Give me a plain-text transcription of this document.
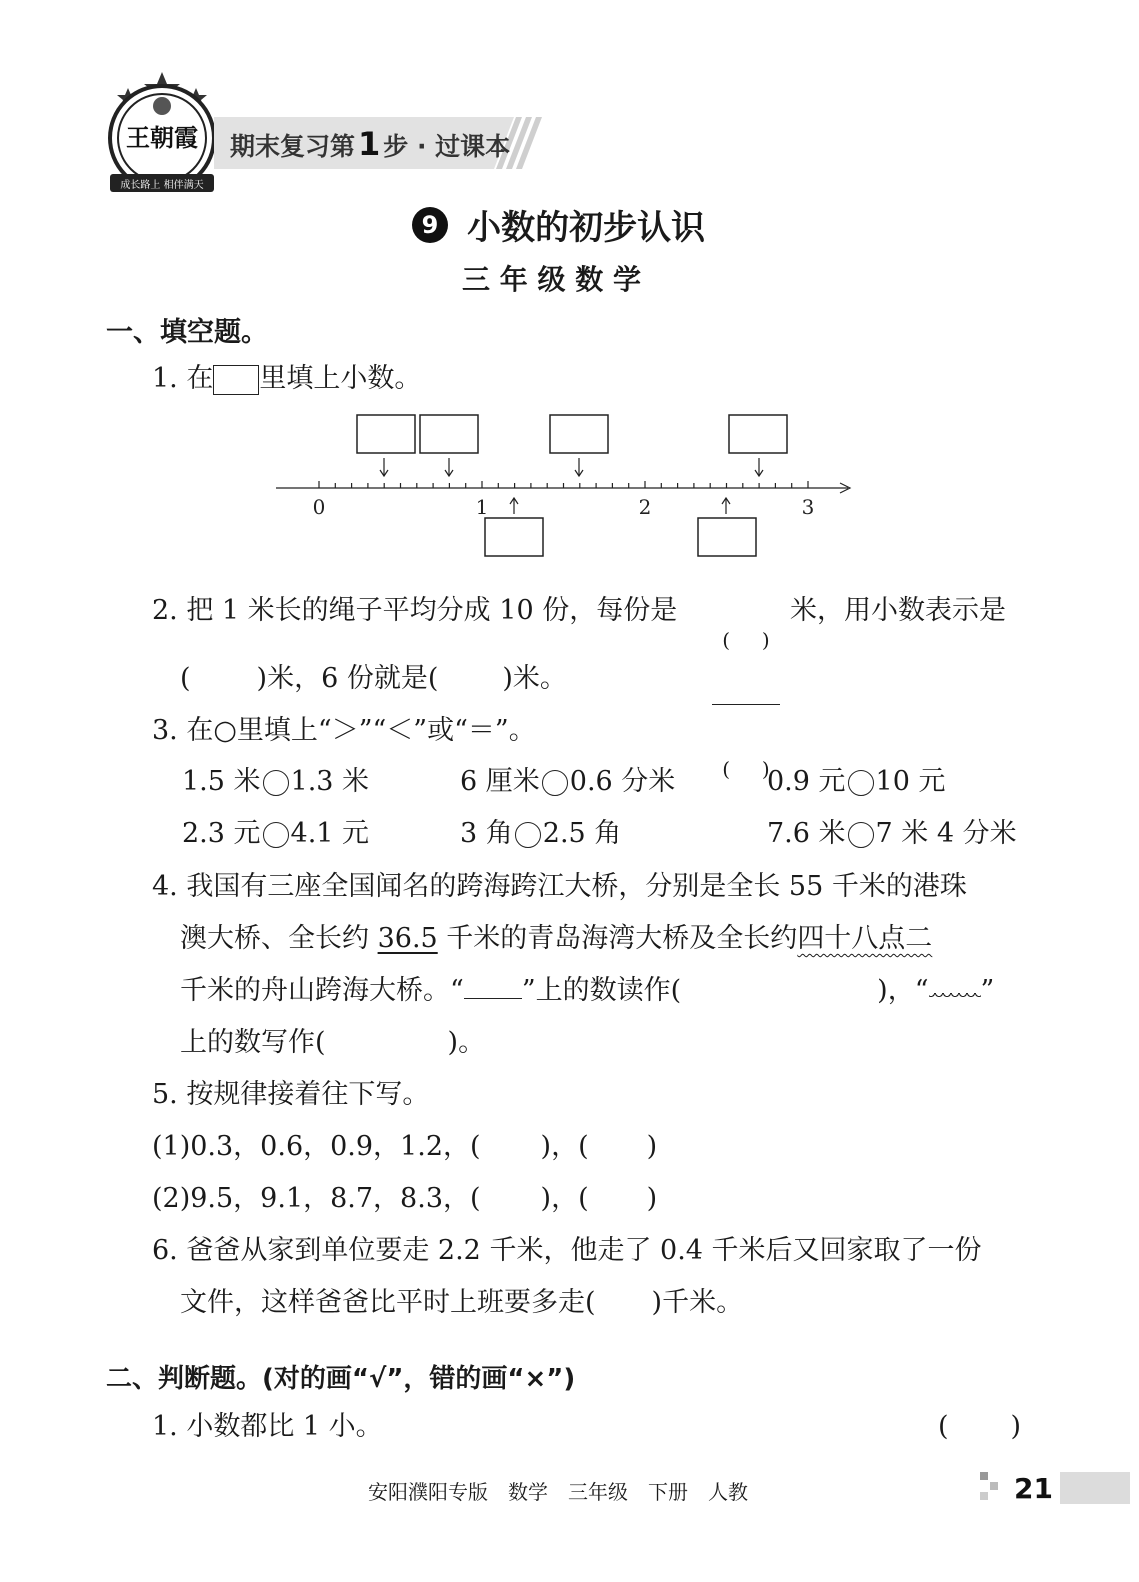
王朝霞
成长路上 相伴满天
期末复习第1 步 · 过课本
9 小数的初步认识
三 年 级 数 学
一、填空题。
1. 在 里填上小数。
0	1	2	3
2. 把 1 米长的绳子平均分成 10 份，每份是

(     )

(     )

米，用小数表示是
( )米，6 份就是( )米。
3. 在○里填上“＞”“＜”或“＝”。
1.5 米 1.3 米	6 厘米 0.6 分米	0.9 元 10 元
2.3 元 4.1 元	3 角 2.5 角	7.6 米 7 米 4 分米
4. 我国有三座全国闻名的跨海跨江大桥，分别是全长 55 千米的港珠
澳大桥、全长约 36.5 千米的青岛海湾大桥及全长约四十八点二
千米的舟山跨海大桥。“ ”上的数读作(	)，“ ”
上的数写作(	)。
5. 按规律接着往下写。
(1)0.3，0.6，0.9，1.2，( )，( )
(2)9.5，9.1，8.7，8.3，( )，( )
6. 爸爸从家到单位要走 2.2 千米，他走了 0.4 千米后又回家取了一份
文件，这样爸爸比平时上班要多走( )千米。
二、判断题。(对的画“√”，错的画“×”)
1. 小数都比 1 小。	( )
安阳濮阳专版　数学　三年级　下册　人教	21
